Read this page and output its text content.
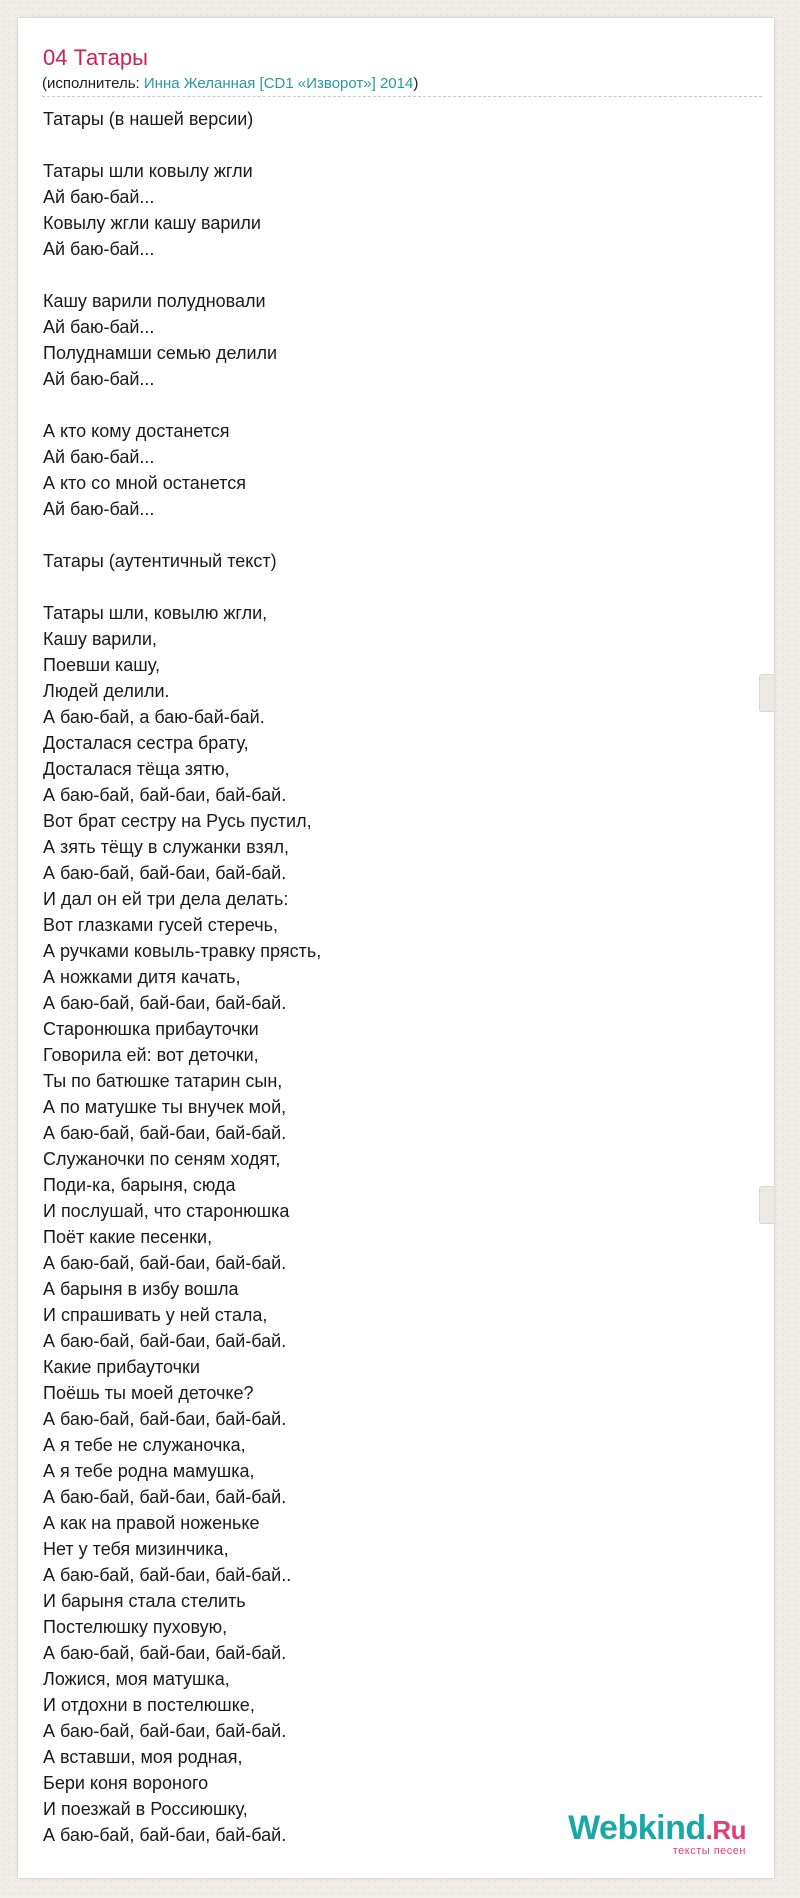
04 Татары
(исполнитель: Инна Желанная [CD1 «Изворот»] 2014)
Татары (в нашей версии)
Татары шли ковылу жгли
Ай баю-бай...
Ковылу жгли кашу варили
Ай баю-бай...
Кашу варили полудновали
Ай баю-бай...
Полуднамши семью делили
Ай баю-бай...
А кто кому достанется
Ай баю-бай...
А кто со мной останется
Ай баю-бай...
Татары (аутентичный текст)
Татары шли, ковылю жгли,
Кашу варили,
Поевши кашу,
Людей делили.
А баю-бай, а баю-бай-бай.
Досталася сестра брату,
Досталася тёща зятю,
А баю-бай, бай-баи, бай-бай.
Вот брат сестру на Русь пустил,
А зять тёщу в служанки взял,
А баю-бай, бай-баи, бай-бай.
И дал он ей три дела делать:
Вот глазками гусей стеречь,
А ручками ковыль-травку прясть,
А ножками дитя качать,
А баю-бай, бай-баи, бай-бай.
Старонюшка прибауточки
Говорила ей: вот деточки,
Ты по батюшке татарин сын,
А по матушке ты внучек мой,
А баю-бай, бай-баи, бай-бай.
Служаночки по сеням ходят,
Поди-ка, барыня, сюда
И послушай, что старонюшка
Поёт какие песенки,
А баю-бай, бай-баи, бай-бай.
А барыня в избу вошла
И спрашивать у ней стала,
А баю-бай, бай-баи, бай-бай.
Какие прибауточки
Поёшь ты моей деточке?
А баю-бай, бай-баи, бай-бай.
А я тебе не служаночка,
А я тебе родна мамушка,
А баю-бай, бай-баи, бай-бай.
А как на правой ноженьке
Нет у тебя мизинчика,
А баю-бай, бай-баи, бай-бай..
И барыня стала стелить
Постелюшку пуховую,
А баю-бай, бай-баи, бай-бай.
Ложися, моя матушка,
И отдохни в постелюшке,
А баю-бай, бай-баи, бай-бай.
А вставши, моя родная,
Бери коня вороного
И поезжай в Россиюшку,
А баю-бай, бай-баи, бай-бай.	Webkind.Ru
тексты песен
